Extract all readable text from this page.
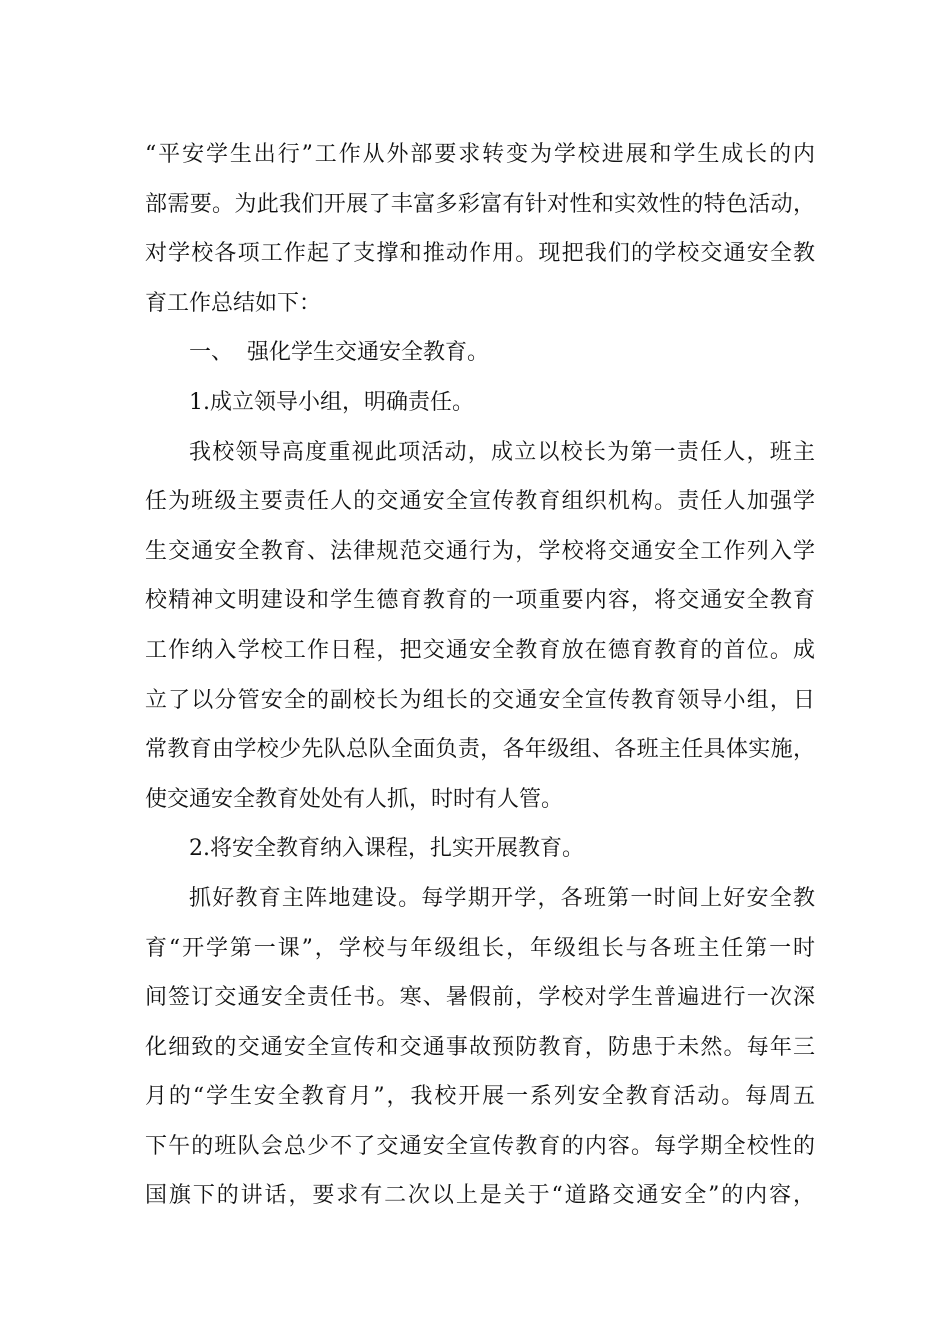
“平安学生出行”工作从外部要求转变为学校进展和学生成长的内
部需要。为此我们开展了丰富多彩富有针对性和实效性的特色活动，
对学校各项工作起了支撑和推动作用。现把我们的学校交通安全教
育工作总结如下：
一、  强化学生交通安全教育。
1.成立领导小组，明确责任。
我校领导高度重视此项活动，成立以校长为第一责任人，班主
任为班级主要责任人的交通安全宣传教育组织机构。责任人加强学
生交通安全教育、法律规范交通行为，学校将交通安全工作列入学
校精神文明建设和学生德育教育的一项重要内容，将交通安全教育
工作纳入学校工作日程，把交通安全教育放在德育教育的首位。成
立了以分管安全的副校长为组长的交通安全宣传教育领导小组，日
常教育由学校少先队总队全面负责，各年级组、各班主任具体实施，
使交通安全教育处处有人抓，时时有人管。
2.将安全教育纳入课程，扎实开展教育。
抓好教育主阵地建设。每学期开学，各班第一时间上好安全教
育“开学第一课”，学校与年级组长，年级组长与各班主任第一时
间签订交通安全责任书。寒、暑假前，学校对学生普遍进行一次深
化细致的交通安全宣传和交通事故预防教育，防患于未然。每年三
月的“学生安全教育月”，我校开展一系列安全教育活动。每周五
下午的班队会总少不了交通安全宣传教育的内容。每学期全校性的
国旗下的讲话，要求有二次以上是关于“道路交通安全”的内容，
